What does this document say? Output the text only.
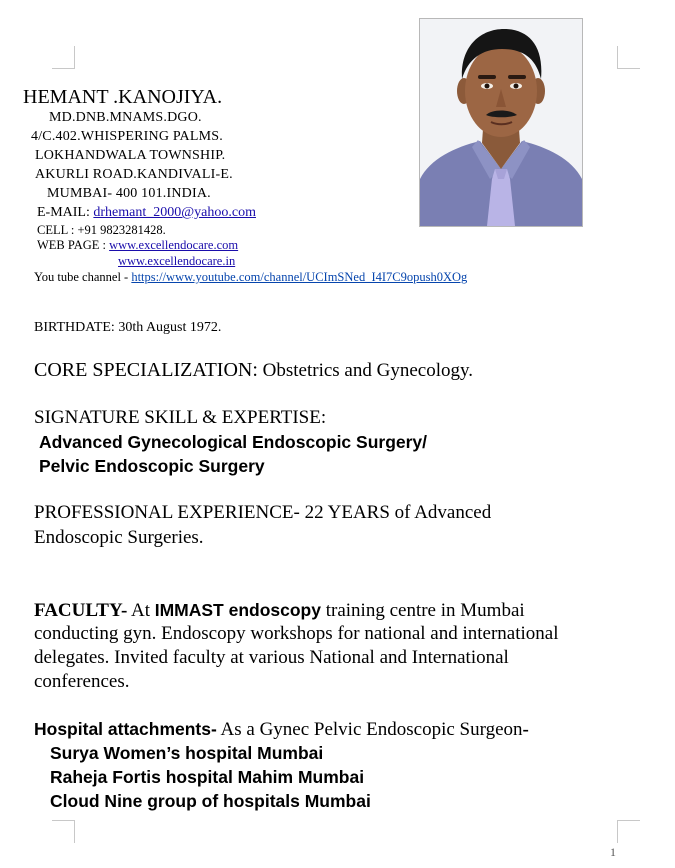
HEMANT .KANOJIYA.
MD.DNB.MNAMS.DGO.
4/C.402.WHISPERING PALMS.
LOKHANDWALA TOWNSHIP.
AKURLI ROAD.KANDIVALI-E.
MUMBAI- 400 101.INDIA.
E-MAIL: drhemant_2000@yahoo.com
CELL : +91 9823281428.
WEB PAGE : www.excellendocare.com
www.excellendocare.in
You tube channel - https://www.youtube.com/channel/UCImSNed_I4I7C9opush0XOg
BIRTHDATE: 30th August 1972.
CORE SPECIALIZATION: Obstetrics and Gynecology.
SIGNATURE SKILL & EXPERTISE:
Advanced Gynecological Endoscopic Surgery/
Pelvic Endoscopic Surgery
PROFESSIONAL EXPERIENCE- 22 YEARS of Advanced
Endoscopic Surgeries.
FACULTY- At IMMAST endoscopy training centre in Mumbai
conducting gyn. Endoscopy workshops for national and international
delegates. Invited faculty at various National and International
conferences.
Hospital attachments- As a Gynec Pelvic Endoscopic Surgeon-
Surya Women’s hospital Mumbai
Raheja Fortis hospital Mahim Mumbai
Cloud Nine group of hospitals Mumbai
1
